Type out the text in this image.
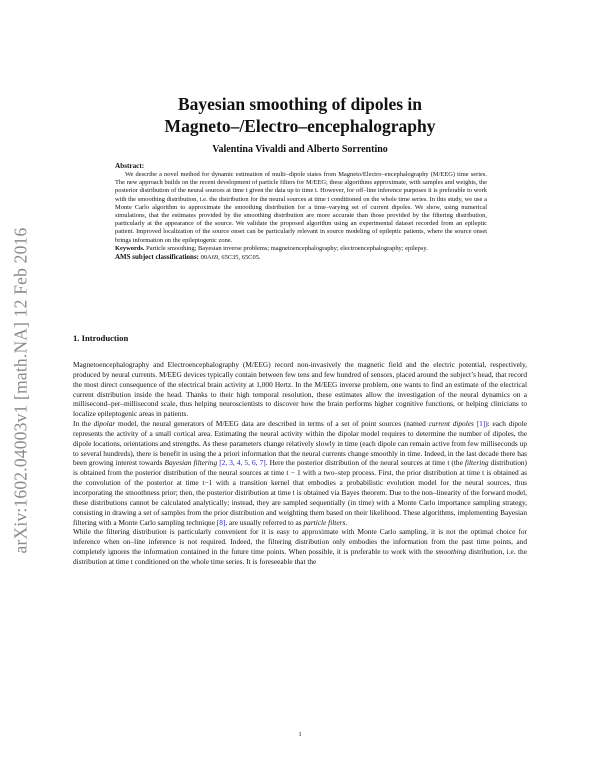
arXiv:1602.04003v1 [math.NA] 12 Feb 2016
Bayesian smoothing of dipoles in
Magneto–/Electro–encephalography
Valentina Vivaldi and Alberto Sorrentino
Abstract:

We describe a novel method for dynamic estimation of multi–dipole states from Magneto/Electro–encephalography (M/EEG) time series. The new approach builds on the recent development of particle filters for M/EEG; these algorithms approximate, with samples and weights, the posterior distribution of the neural sources at time t given the data up to time t. However, for off–line inference purposes it is preferable to work with the smoothing distribution, i.e. the distribution for the neural sources at time t conditioned on the whole time series. In this study, we use a Monte Carlo algorithm to approximate the smoothing distribution for a time–varying set of current dipoles. We show, using numerical simulations, that the estimates provided by the smoothing distribution are more accurate than those provided by the filtering distribution, particularly at the appearance of the source. We validate the proposed algorithm using an experimental dataset recorded from an epileptic patient. Improved localization of the source onset can be particularly relevant in source modeling of epileptic patients, where the source onset brings information on the epileptogenic zone.

Keywords. Particle smoothing; Bayesian inverse problems; magnetoencephalography; electroencephalography; epilepsy.

AMS subject classifications: 00A69, 65C35, 65C05.

1. Introduction

Magnetoencephalography and Electroencephalography (M/EEG) record non-invasively the magnetic field and the electric potential, respectively, produced by neural currents. M/EEG devices typically contain between few tens and few hundred of sensors, placed around the subject’s head, that record the most direct consequence of the electrical brain activity at 1,000 Hertz. In the M/EEG inverse problem, one wants to find an estimate of the electrical current distribution inside the head. Thanks to their high temporal resolution, these estimates allow the investigation of the neural dynamics on a millisecond–per–millisecond scale, thus helping neuroscientists to discover how the brain performs higher cognitive functions, or helping clinicians to localize epileptogenic areas in patients.

In the dipolar model, the neural generators of M/EEG data are described in terms of a set of point sources (named current dipoles [1]): each dipole represents the activity of a small cortical area. Estimating the neural activity within the dipolar model requires to determine the number of dipoles, the dipole locations, orientations and strengths. As these parameters change relatively slowly in time (each dipole can remain active from few milliseconds up to several hundreds), there is benefit in using the a priori information that the neural currents change smoothly in time. Indeed, in the last decade there has been growing interest towards Bayesian filtering [2, 3, 4, 5, 6, 7]. Here the posterior distribution of the neural sources at time t (the filtering distribution) is obtained from the posterior distribution of the neural sources at time t − 1 with a two–step process. First, the prior distribution at time t is obtained as the convolution of the posterior at time t−1 with a transition kernel that embodies a probabilistic evolution model for the neural sources, thus incorporating the smoothness prior; then, the posterior distribution at time t is obtained via Bayes theorem. Due to the non–linearity of the forward model, these distributions cannot be calculated analytically; instead, they are sampled sequentially (in time) with a Monte Carlo importance sampling strategy, consisting in drawing a set of samples from the prior distribution and weighting them based on their likelihood. These algorithms, implementing Bayesian filtering with a Monte Carlo sampling technique [8], are usually referred to as particle filters.

While the filtering distribution is particularly convenient for it is easy to approximate with Monte Carlo sampling, it is not the optimal choice for inference when on–line inference is not required. Indeed, the filtering distribution only embodies the information from the past time points, and completely ignores the information contained in the future time points. When possible, it is preferable to work with the smoothing distribution, i.e. the distribution at time t conditioned on the whole time series. It is foreseeable that the

1
